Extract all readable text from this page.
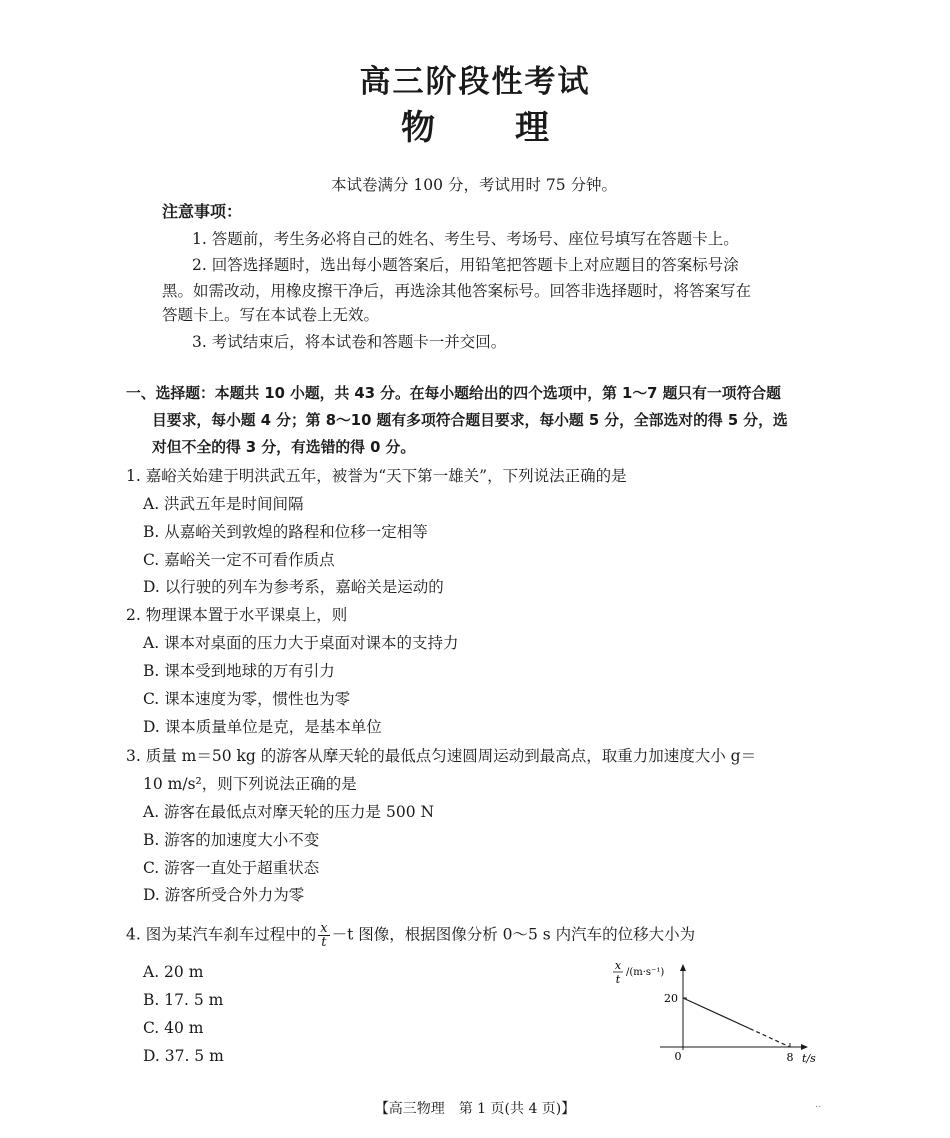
高三阶段性考试
物 理
本试卷满分 100 分，考试用时 75 分钟。
注意事项：
1. 答题前，考生务必将自己的姓名、考生号、考场号、座位号填写在答题卡上。
2. 回答选择题时，选出每小题答案后，用铅笔把答题卡上对应题目的答案标号涂
黑。如需改动，用橡皮擦干净后，再选涂其他答案标号。回答非选择题时，将答案写在
答题卡上。写在本试卷上无效。
3. 考试结束后，将本试卷和答题卡一并交回。
一、选择题：本题共 10 小题，共 43 分。在每小题给出的四个选项中，第 1～7 题只有一项符合题
目要求，每小题 4 分；第 8～10 题有多项符合题目要求，每小题 5 分，全部选对的得 5 分，选
对但不全的得 3 分，有选错的得 0 分。
1. 嘉峪关始建于明洪武五年，被誉为“天下第一雄关”，下列说法正确的是
A. 洪武五年是时间间隔
B. 从嘉峪关到敦煌的路程和位移一定相等
C. 嘉峪关一定不可看作质点
D. 以行驶的列车为参考系，嘉峪关是运动的
2. 物理课本置于水平课桌上，则
A. 课本对桌面的压力大于桌面对课本的支持力
B. 课本受到地球的万有引力
C. 课本速度为零，惯性也为零
D. 课本质量单位是克，是基本单位
3. 质量 m＝50 kg 的游客从摩天轮的最低点匀速圆周运动到最高点，取重力加速度大小 g＝
10 m/s²，则下列说法正确的是
A. 游客在最低点对摩天轮的压力是 500 N
B. 游客的加速度大小不变
C. 游客一直处于超重状态
D. 游客所受合外力为零
4. 图为某汽车刹车过程中的 $\frac{x}{t} -t$ 图像，根据图像分析 0～5 s 内汽车的位移大小为
A. 20 m
B. 17. 5 m
C. 40 m
D. 37. 5 m
x
t
/(m·s⁻¹)
20
8
0	t/s
【高三物理　第 1 页(共 4 页)】	··
